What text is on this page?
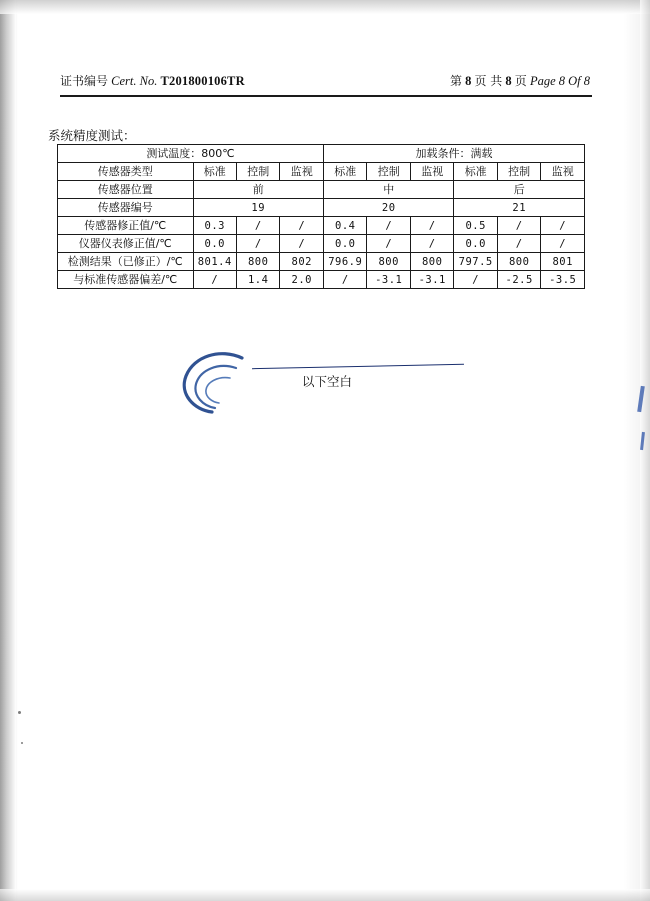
证书编号 Cert. No. T201800106TR	第 8 页 共 8 页 Page 8 Of 8
系统精度测试：
测试温度：800℃				加载条件：满载					
传感器类型	标准	控制	监视	标准	控制	监视	标准	控制	监视
传感器位置	前			中			后		
传感器编号	19			20			21		
传感器修正值/℃	0.3	/	/	0.4	/	/	0.5	/	/
仪器仪表修正值/℃	0.0	/	/	0.0	/	/	0.0	/	/
检测结果（已修正）/℃	801.4	800	802	796.9	800	800	797.5	800	801
与标准传感器偏差/℃	/	1.4	2.0	/	-3.1	-3.1	/	-2.5	-3.5
以下空白
